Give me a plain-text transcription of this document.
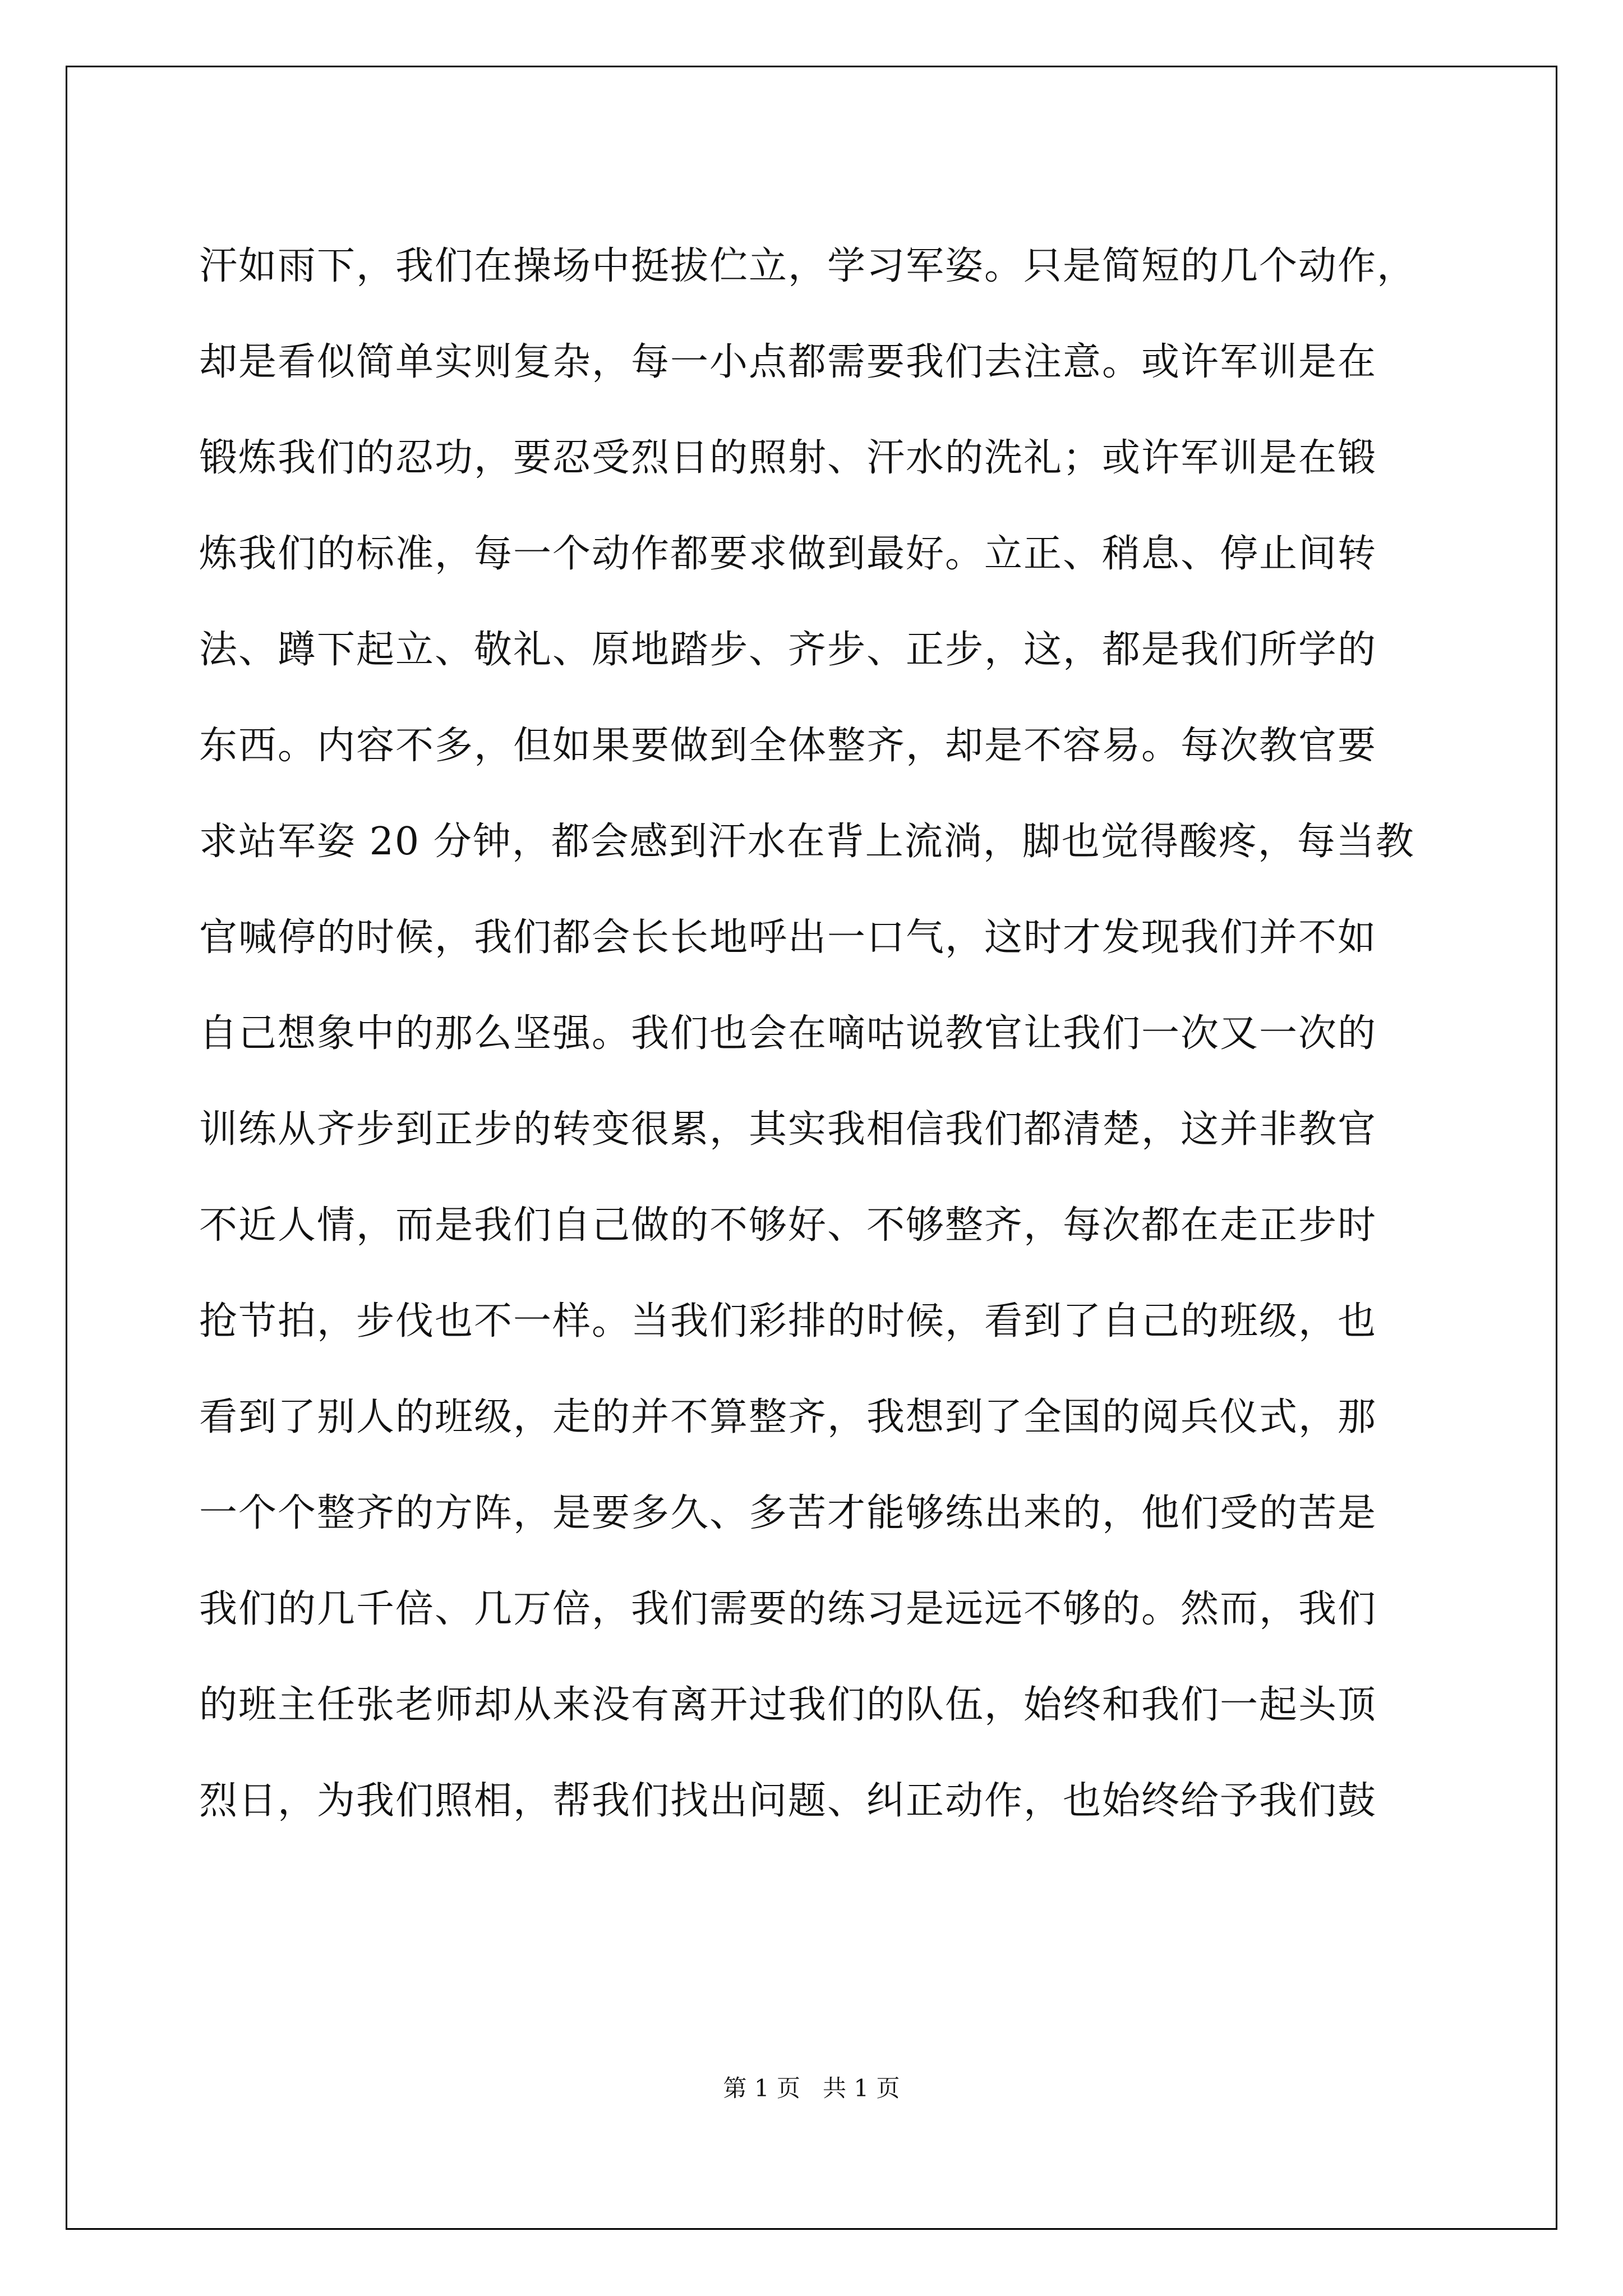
汗如雨下，我们在操场中挺拔伫立，学习军姿。只是简短的几个动作，
却是看似简单实则复杂，每一小点都需要我们去注意。或许军训是在
锻炼我们的忍功，要忍受烈日的照射、汗水的洗礼；或许军训是在锻
炼我们的标准，每一个动作都要求做到最好。立正、稍息、停止间转
法、蹲下起立、敬礼、原地踏步、齐步、正步，这，都是我们所学的
东西。内容不多，但如果要做到全体整齐，却是不容易。每次教官要
求站军姿 20 分钟，都会感到汗水在背上流淌，脚也觉得酸疼，每当教
官喊停的时候，我们都会长长地呼出一口气，这时才发现我们并不如
自己想象中的那么坚强。我们也会在嘀咕说教官让我们一次又一次的
训练从齐步到正步的转变很累，其实我相信我们都清楚，这并非教官
不近人情，而是我们自己做的不够好、不够整齐，每次都在走正步时
抢节拍，步伐也不一样。当我们彩排的时候，看到了自己的班级，也
看到了别人的班级，走的并不算整齐，我想到了全国的阅兵仪式，那
一个个整齐的方阵，是要多久、多苦才能够练出来的，他们受的苦是
我们的几千倍、几万倍，我们需要的练习是远远不够的。然而，我们
的班主任张老师却从来没有离开过我们的队伍，始终和我们一起头顶
烈日，为我们照相，帮我们找出问题、纠正动作，也始终给予我们鼓
第 1 页   共 1 页
